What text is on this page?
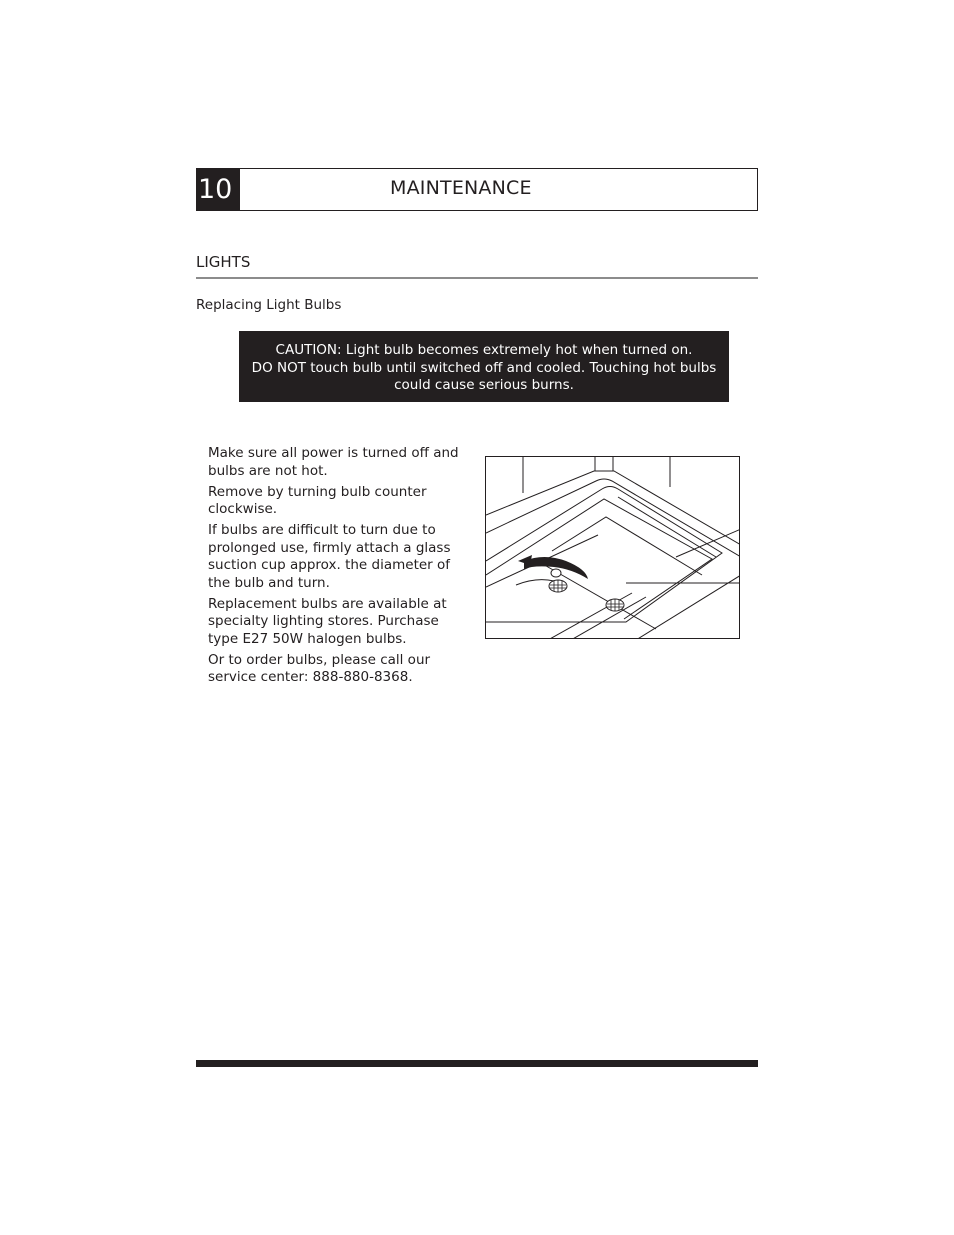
10	MAINTENANCE
LIGHTS
Replacing Light Bulbs
CAUTION: Light bulb becomes extremely hot when turned on.
DO NOT touch bulb until switched off and cooled. Touching hot bulbs
could cause serious burns.
Make sure all power is turned off and bulbs are not hot.
Remove by turning bulb counter clockwise.
If bulbs are difficult to turn due to prolonged use, firmly attach a glass suction cup approx. the diameter of the bulb and turn.
Replacement bulbs are available at specialty lighting stores. Purchase type E27 50W halogen bulbs.
Or to order bulbs, please call our service center: 888-880-8368.
